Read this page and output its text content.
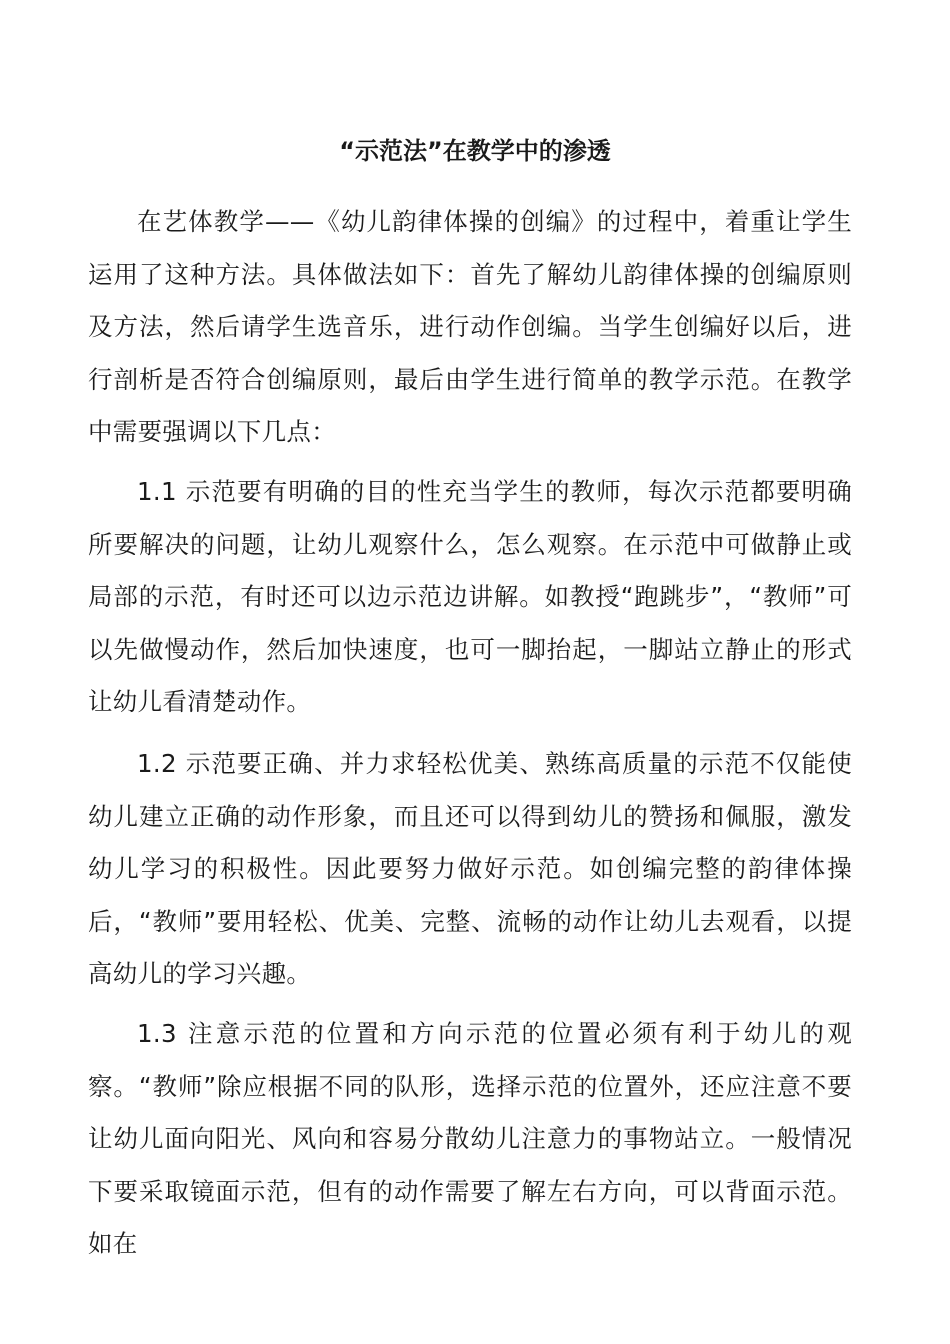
“示范法”在教学中的渗透

在艺体教学——《幼儿韵律体操的创编》的过程中，着重让学生运用了这种方法。具体做法如下：首先了解幼儿韵律体操的创编原则及方法，然后请学生选音乐，进行动作创编。当学生创编好以后，进行剖析是否符合创编原则，最后由学生进行简单的教学示范。在教学中需要强调以下几点：

1.1 示范要有明确的目的性充当学生的教师，每次示范都要明确所要解决的问题，让幼儿观察什么，怎么观察。在示范中可做静止或局部的示范，有时还可以边示范边讲解。如教授“跑跳步”，“教师”可以先做慢动作，然后加快速度，也可一脚抬起，一脚站立静止的形式让幼儿看清楚动作。

1.2 示范要正确、并力求轻松优美、熟练高质量的示范不仅能使幼儿建立正确的动作形象，而且还可以得到幼儿的赞扬和佩服，激发幼儿学习的积极性。因此要努力做好示范。如创编完整的韵律体操后，“教师”要用轻松、优美、完整、流畅的动作让幼儿去观看，以提高幼儿的学习兴趣。

1.3 注意示范的位置和方向示范的位置必须有利于幼儿的观察。“教师”除应根据不同的队形，选择示范的位置外，还应注意不要让幼儿面向阳光、风向和容易分散幼儿注意力的事物站立。一般情况下要采取镜面示范，但有的动作需要了解左右方向，可以背面示范。如在
